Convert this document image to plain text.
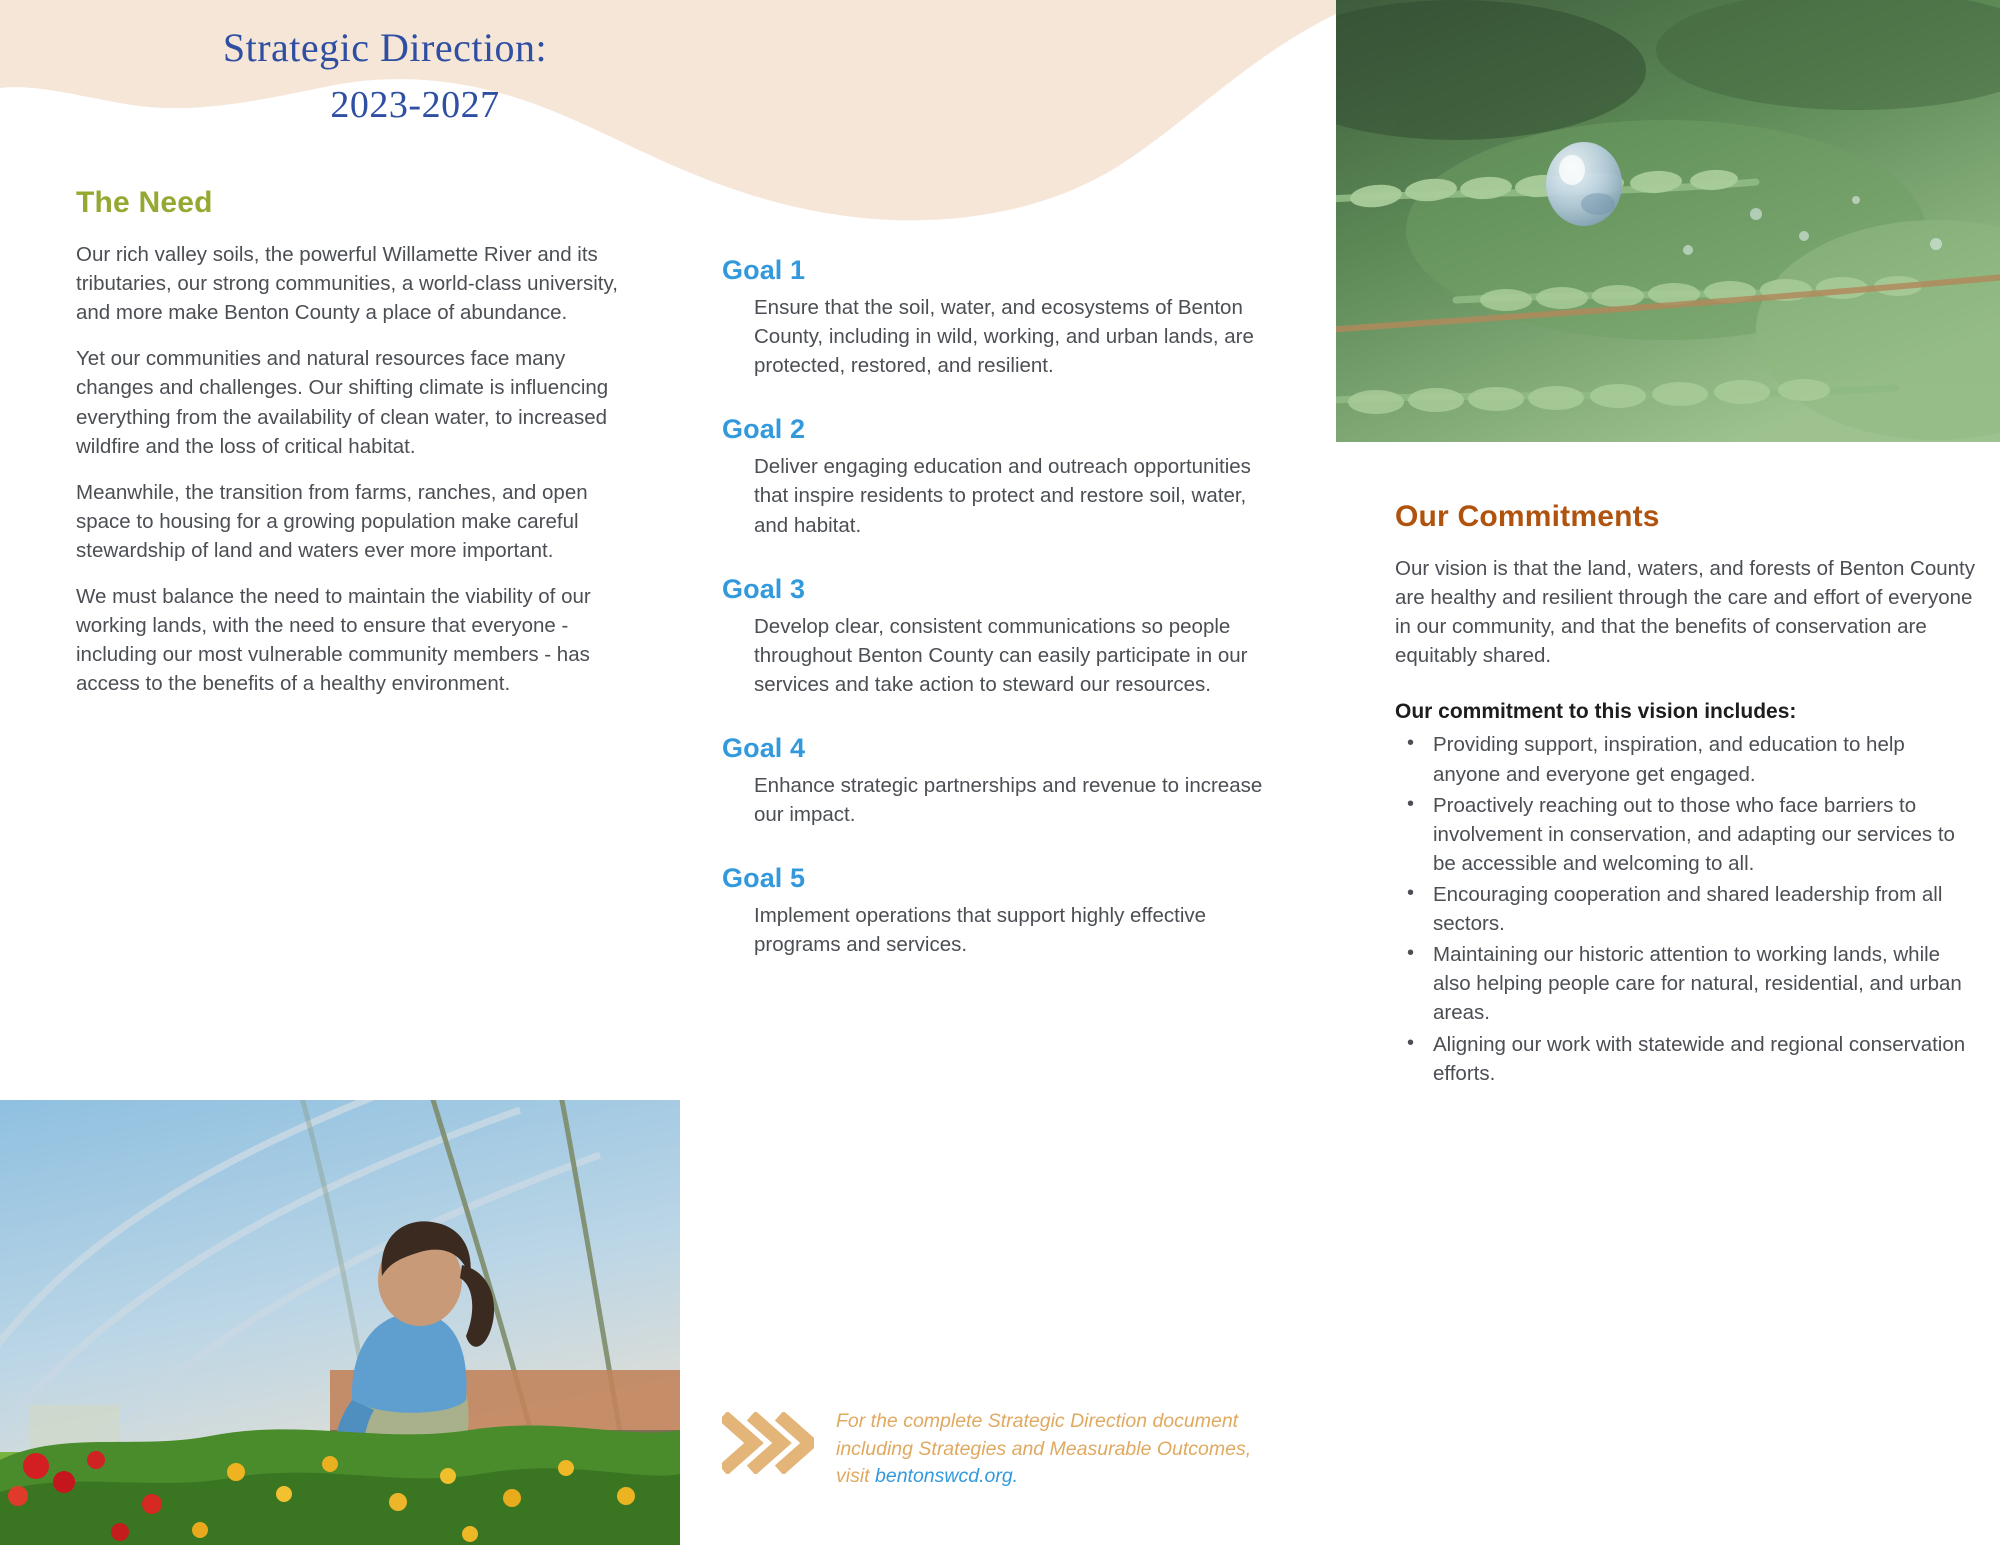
Strategic Direction:
2023-2027
The Need

Our rich valley soils, the powerful Willamette River and its tributaries, our strong communities, a world-class university, and more make Benton County a place of abundance.

Yet our communities and natural resources face many changes and challenges. Our shifting climate is influencing everything from the availability of clean water, to increased wildfire and the loss of critical habitat.

Meanwhile, the transition from farms, ranches, and open space to housing for a growing population make careful stewardship of land and waters ever more important.

We must balance the need to maintain the viability of our working lands, with the need to ensure that everyone - including our most vulnerable community members - has access to the benefits of a healthy environment.

Goal 1
Ensure that the soil, water, and ecosystems of Benton County, including in wild, working, and urban lands, are protected, restored, and resilient.
Goal 2
Deliver engaging education and outreach opportunities that inspire residents to protect and restore soil, water, and habitat.
Goal 3
Develop clear, consistent communications so people throughout Benton County can easily participate in our services and take action to steward our resources.
Goal 4
Enhance strategic partnerships and revenue to increase our impact.
Goal 5
Implement operations that support highly effective programs and services.
For the complete Strategic Direction document including Strategies and Measurable Outcomes, visit bentonswcd.org.
Our Commitments

Our vision is that the land, waters, and forests of Benton County are healthy and resilient through the care and effort of everyone in our community, and that the benefits of conservation are equitably shared.

Our commitment to this vision includes:
• Providing support, inspiration, and education to help anyone and everyone get engaged.
• Proactively reaching out to those who face barriers to involvement in conservation, and adapting our services to be accessible and welcoming to all.
• Encouraging cooperation and shared leadership from all sectors.
• Maintaining our historic attention to working lands, while also helping people care for natural, residential, and urban areas.
• Aligning our work with statewide and regional conservation efforts.
